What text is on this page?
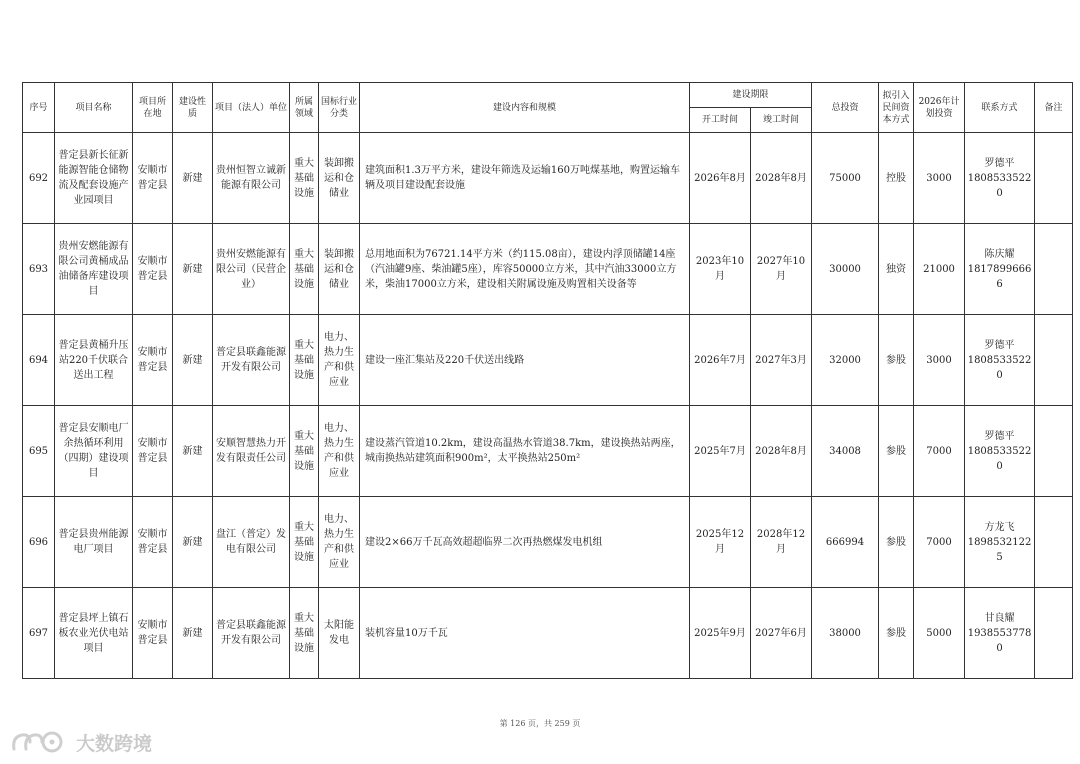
序号	项目名称	项目所在地	建设性质	项目（法人）单位	所属领域	国标行业分类	建设内容和规模	建设期限		总投资	拟引入民间资本方式	2026年计划投资	联系方式	备注
								开工时间	竣工时间					
692	普定县新长征新能源智能仓储物流及配套设施产业园项目	安顺市普定县	新建	贵州恒智立诚新能源有限公司	重大基础设施	装卸搬运和仓储业	建筑面积1.3万平方米，建设年筛选及运输160万吨煤基地，购置运输车辆及项目建设配套设施	2026年8月	2028年8月	75000	控股	3000	罗德平
18085335220	

693	贵州安燃能源有限公司黄桶成品油储备库建设项目	安顺市普定县	新建	贵州安燃能源有限公司（民营企业）	重大基础设施	装卸搬运和仓储业	总用地面积为76721.14平方米（约115.08亩），建设内浮顶储罐14座（汽油罐9座、柴油罐5座），库容50000立方米，其中汽油33000立方米，柴油17000立方米，建设相关附属设施及购置相关设备等	2023年10月	2027年10月	30000	独资	21000	陈庆耀
18178996666	

694	普定县黄桶升压站220千伏联合送出工程	安顺市普定县	新建	普定县联鑫能源开发有限公司	重大基础设施	电力、热力生产和供应业	建设一座汇集站及220千伏送出线路	2026年7月	2027年3月	32000	参股	3000	罗德平
18085335220	

695	普定县安顺电厂余热循环利用（四期）建设项目	安顺市普定县	新建	安顺智慧热力开发有限责任公司	重大基础设施	电力、热力生产和供应业	建设蒸汽管道10.2km，建设高温热水管道38.7km，建设换热站两座，城南换热站建筑面积900m²，太平换热站250m²	2025年7月	2028年8月	34008	参股	7000	罗德平
18085335220	

696	普定县贵州能源电厂项目	安顺市普定县	新建	盘江（普定）发电有限公司	重大基础设施	电力、热力生产和供应业	建设2×66万千瓦高效超超临界二次再热燃煤发电机组	2025年12月	2028年12月	666994	参股	7000	方龙飞
18985321225	

697	普定县坪上镇石板农业光伏电站项目	安顺市普定县	新建	普定县联鑫能源开发有限公司	重大基础设施	太阳能发电	装机容量10万千瓦	2025年9月	2027年6月	38000	参股	5000	甘良耀
19385537780	

第 126 页，共 259 页
大数跨境
